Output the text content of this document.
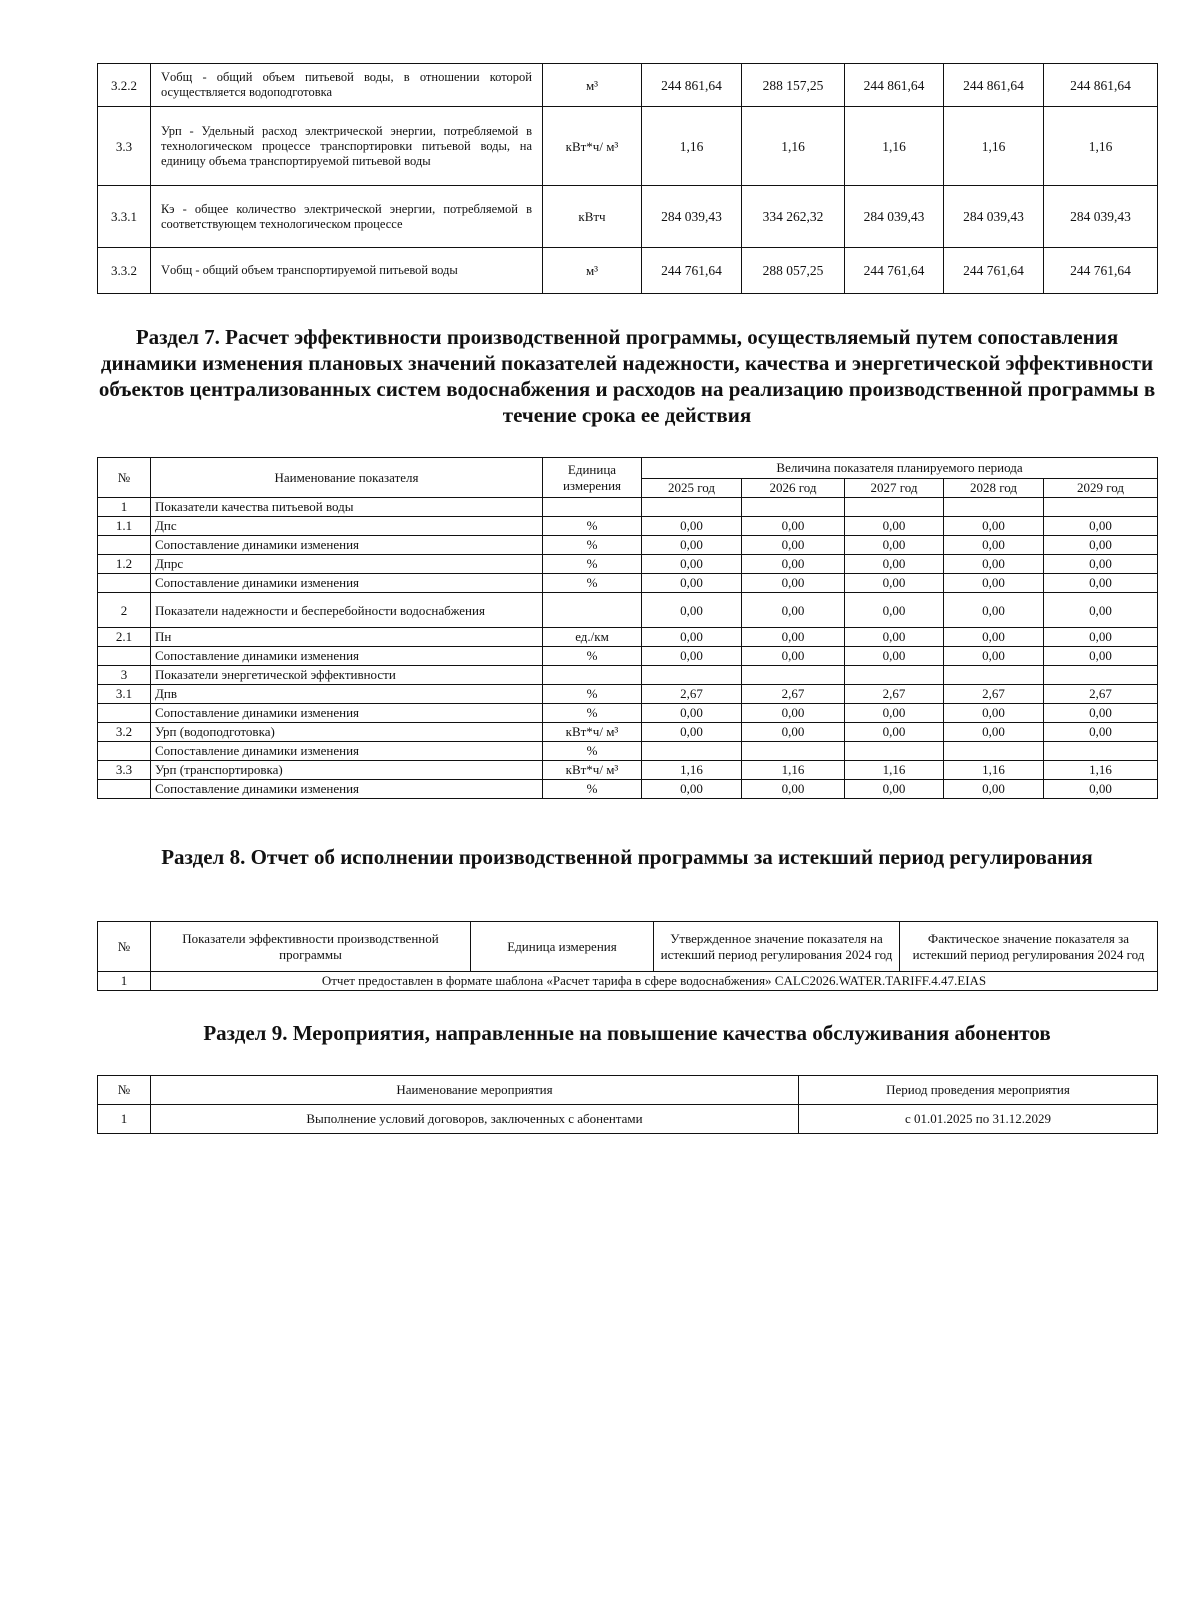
3.2.2	Vобщ - общий объем питьевой воды, в отношении которой осуществляется водоподготовка	м³	244 861,64	288 157,25	244 861,64	244 861,64	244 861,64
3.3	Урп - Удельный расход электрической энергии, потребляемой в технологическом процессе транспортировки питьевой воды, на единицу объема транспортируемой питьевой воды	кВт*ч/ м³	1,16	1,16	1,16	1,16	1,16
3.3.1	Кэ - общее количество электрической энергии, потребляемой в соответствующем технологическом процессе	кВтч	284 039,43	334 262,32	284 039,43	284 039,43	284 039,43
3.3.2	Vобщ - общий объем транспортируемой питьевой воды	м³	244 761,64	288 057,25	244 761,64	244 761,64	244 761,64
Раздел 7. Расчет эффективности производственной программы, осуществляемый путем сопоставления динамики изменения плановых значений показателей надежности, качества и энергетической эффективности объектов централизованных систем водоснабжения и расходов на реализацию производственной программы в течение срока ее действия
№	Наименование показателя	Единица измерения	Величина показателя планируемого периода				
			2025 год	2026 год	2027 год	2028 год	2029 год
1	Показатели качества питьевой воды						
1.1	Дпс	%	0,00	0,00	0,00	0,00	0,00
	Сопоставление динамики изменения	%	0,00	0,00	0,00	0,00	0,00
1.2	Дпрс	%	0,00	0,00	0,00	0,00	0,00
	Сопоставление динамики изменения	%	0,00	0,00	0,00	0,00	0,00
2	Показатели надежности и бесперебойности водоснабжения		0,00	0,00	0,00	0,00	0,00
2.1	Пн	ед./км	0,00	0,00	0,00	0,00	0,00
	Сопоставление динамики изменения	%	0,00	0,00	0,00	0,00	0,00
3	Показатели энергетической эффективности						
3.1	Дпв	%	2,67	2,67	2,67	2,67	2,67
	Сопоставление динамики изменения	%	0,00	0,00	0,00	0,00	0,00
3.2	Урп (водоподготовка)	кВт*ч/ м³	0,00	0,00	0,00	0,00	0,00
	Сопоставление динамики изменения	%					
3.3	Урп (транспортировка)	кВт*ч/ м³	1,16	1,16	1,16	1,16	1,16
	Сопоставление динамики изменения	%	0,00	0,00	0,00	0,00	0,00
Раздел 8. Отчет об исполнении производственной программы за истекший период регулирования
№	Показатели эффективности производственной программы	Единица измерения	Утвержденное значение показателя на истекший период регулирования 2024 год	Фактическое значение показателя за истекший период регулирования 2024 год
1	Отчет предоставлен в формате шаблона «Расчет тарифа в сфере водоснабжения» CALC2026.WATER.TARIFF.4.47.EIAS			
Раздел 9. Мероприятия, направленные на повышение качества обслуживания абонентов
№	Наименование мероприятия	Период проведения мероприятия
1	Выполнение условий договоров, заключенных с абонентами	с 01.01.2025 по 31.12.2029
